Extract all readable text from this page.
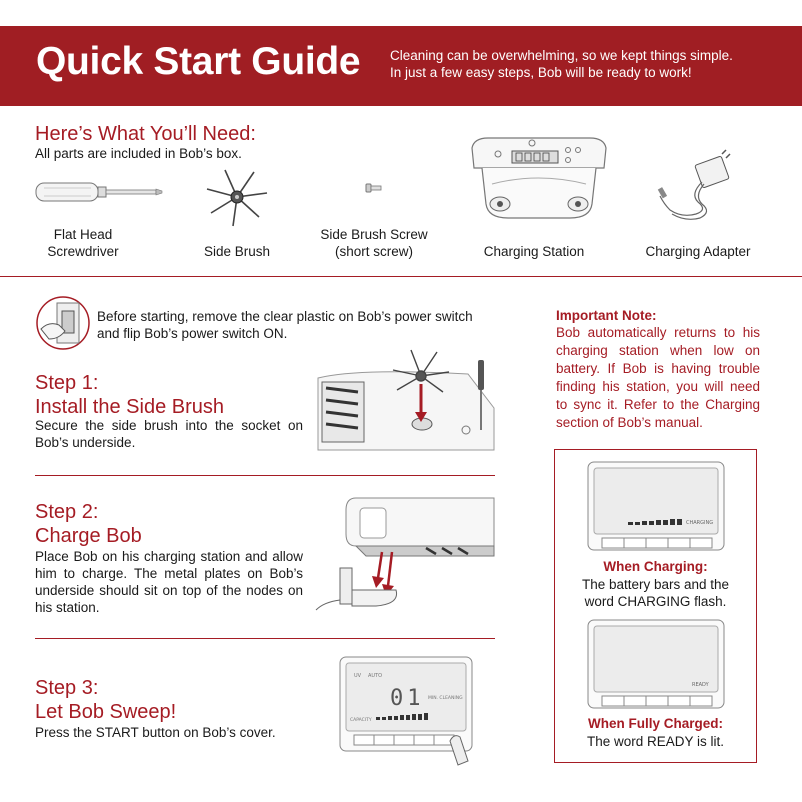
Quick Start Guide Cleaning can be overwhelming, so we kept things simple.
In just a few easy steps, Bob will be ready to work!
Here’s What You’ll Need:
All parts are included in Bob’s box.
Flat Head
Screwdriver
	Side Brush
Side Brush Screw
(short screw)
	Charging Station
	Charging Adapter
Before starting, remove the clear plastic on Bob’s power switch
and flip Bob’s power switch ON.
Step 1:
Install the Side Brush
Secure the side brush into the socket on Bob’s underside.
Step 2:
Charge Bob
Place Bob on his charging station and allow him to charge. The metal plates on Bob’s underside should sit on top of the nodes on his station.
Step 3:
Let Bob Sweep!
Press the START button on Bob’s cover.
UV AUTO
01 MIN. CLEANING
CAPACITY
Important Note:
Bob automatically returns to his charging station when low on battery. If Bob is having trouble finding his station, you will need to sync it. Refer to the Charging section of Bob’s manual.
CHARGING
When Charging:
The battery bars and the
word CHARGING flash.
READY
When Fully Charged:
The word READY is lit.
